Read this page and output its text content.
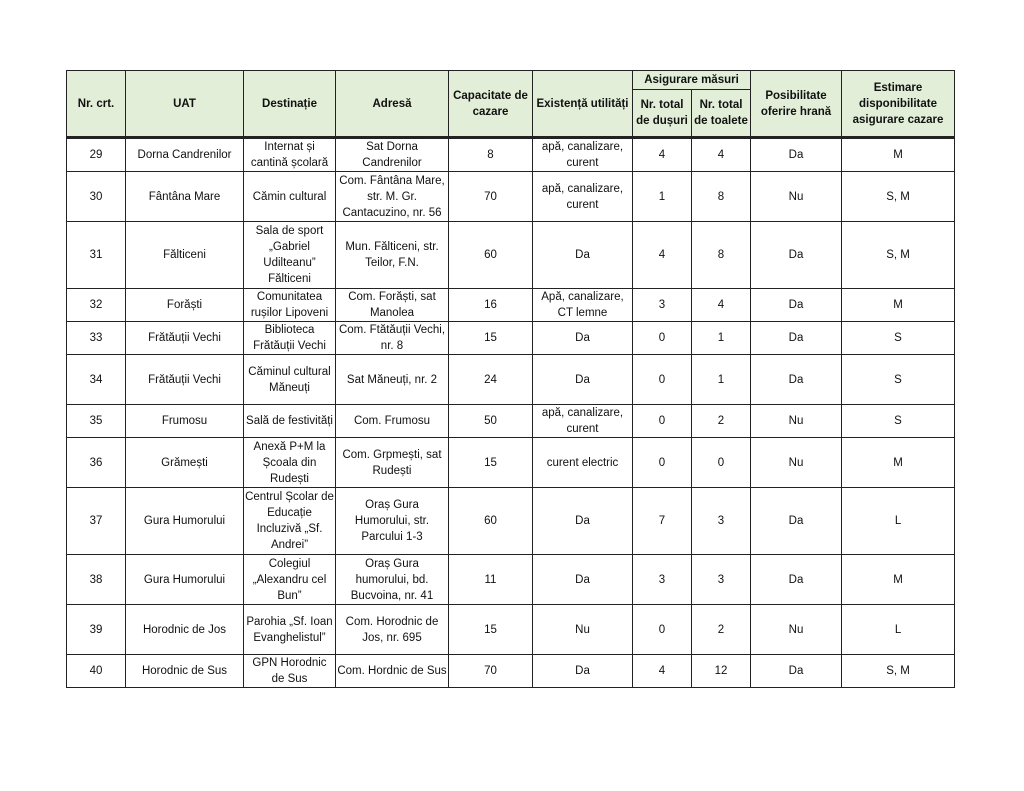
Nr. crt.	UAT	Destinație	Adresă	Capacitate de cazare	Existență utilități	Asigurare măsuri		Posibilitate oferire hrană	Estimare disponibilitate asigurare cazare
						Nr. total de dușuri	Nr. total de toalete		
29	Dorna Candrenilor	Internat și cantină școlară	Sat Dorna Candrenilor	8	apă, canalizare, curent	4	4	Da	M
30	Fântâna Mare	Cămin cultural	Com. Fântâna Mare, str. M. Gr. Cantacuzino, nr. 56	70	apă, canalizare, curent	1	8	Nu	S, M
31	Fălticeni	Sala de sport „Gabriel Udilteanu” Fălticeni	Mun. Fălticeni, str. Teilor, F.N.	60	Da	4	8	Da	S, M
32	Forăști	Comunitatea rușilor Lipoveni	Com. Forăști, sat Manolea	16	Apă, canalizare, CT lemne	3	4	Da	M
33	Frătăuții Vechi	Biblioteca Frătăuții Vechi	Com. Ftătăuții Vechi, nr. 8	15	Da	0	1	Da	S
34	Frătăuții Vechi	Căminul cultural Măneuți	Sat Măneuți, nr. 2	24	Da	0	1	Da	S
35	Frumosu	Sală de festivități	Com. Frumosu	50	apă, canalizare, curent	0	2	Nu	S
36	Grămești	Anexă P+M la Școala din Rudești	Com. Grpmești, sat Rudești	15	curent electric	0	0	Nu	M
37	Gura Humorului	Centrul Școlar de Educație Incluzivă „Sf. Andrei”	Oraș Gura Humorului, str. Parcului 1-3	60	Da	7	3	Da	L
38	Gura Humorului	Colegiul „Alexandru cel Bun”	Oraș Gura humorului, bd. Bucvoina, nr. 41	11	Da	3	3	Da	M
39	Horodnic de Jos	Parohia „Sf. Ioan Evanghelistul”	Com. Horodnic de Jos, nr. 695	15	Nu	0	2	Nu	L
40	Horodnic de Sus	GPN Horodnic de Sus	Com. Hordnic de Sus	70	Da	4	12	Da	S, M
